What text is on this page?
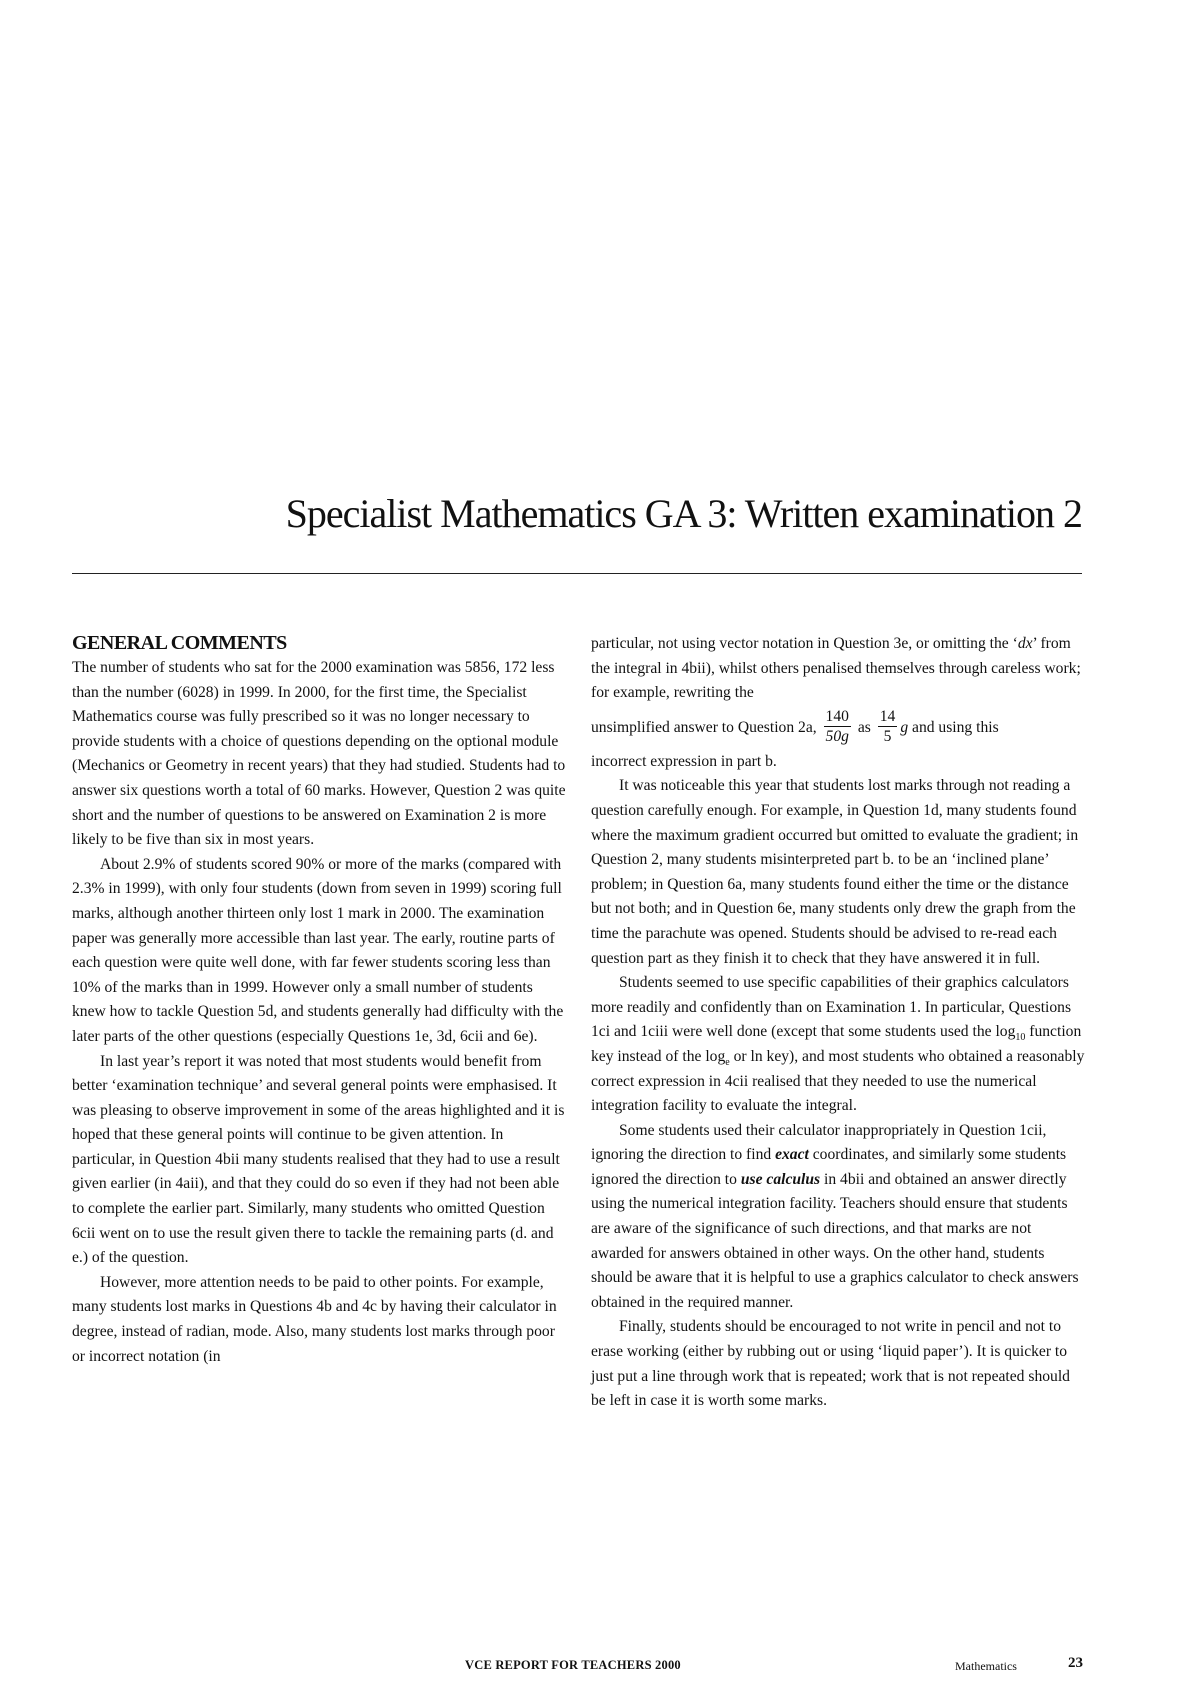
Specialist Mathematics GA 3: Written examination 2
GENERAL COMMENTS

The number of students who sat for the 2000 examination was 5856, 172 less than the number (6028) in 1999. In 2000, for the first time, the Specialist Mathematics course was fully prescribed so it was no longer necessary to provide students with a choice of questions depending on the optional module (Mechanics or Geometry in recent years) that they had studied. Students had to answer six questions worth a total of 60 marks. However, Question 2 was quite short and the number of questions to be answered on Examination 2 is more likely to be five than six in most years.

About 2.9% of students scored 90% or more of the marks (compared with 2.3% in 1999), with only four students (down from seven in 1999) scoring full marks, although another thirteen only lost 1 mark in 2000. The examination paper was generally more accessible than last year. The early, routine parts of each question were quite well done, with far fewer students scoring less than 10% of the marks than in 1999. However only a small number of students knew how to tackle Question 5d, and students generally had difficulty with the later parts of the other questions (especially Questions 1e, 3d, 6cii and 6e).

In last year’s report it was noted that most students would benefit from better ‘examination technique’ and several general points were emphasised. It was pleasing to observe improvement in some of the areas highlighted and it is hoped that these general points will continue to be given attention. In particular, in Question 4bii many students realised that they had to use a result given earlier (in 4aii), and that they could do so even if they had not been able to complete the earlier part. Similarly, many students who omitted Question 6cii went on to use the result given there to tackle the remaining parts (d. and e.) of the question.

However, more attention needs to be paid to other points. For example, many students lost marks in Questions 4b and 4c by having their calculator in degree, instead of radian, mode. Also, many students lost marks through poor or incorrect notation (in

particular, not using vector notation in Question 3e, or omitting the ‘dx’ from the integral in 4bii), whilst others penalised themselves through careless work; for example, rewriting the

unsimplified answer to Question 2a, $\frac{140}{50g}$ as $\frac{14}{5}$ g and using this

incorrect expression in part b.

It was noticeable this year that students lost marks through not reading a question carefully enough. For example, in Question 1d, many students found where the maximum gradient occurred but omitted to evaluate the gradient; in Question 2, many students misinterpreted part b. to be an ‘inclined plane’ problem; in Question 6a, many students found either the time or the distance but not both; and in Question 6e, many students only drew the graph from the time the parachute was opened. Students should be advised to re-read each question part as they finish it to check that they have answered it in full.

Students seemed to use specific capabilities of their graphics calculators more readily and confidently than on Examination 1. In particular, Questions 1ci and 1ciii were well done (except that some students used the $\log_{10}$ function key instead of the $\log_e$ or ln key), and most students who obtained a reasonably correct expression in 4cii realised that they needed to use the numerical integration facility to evaluate the integral.

Some students used their calculator inappropriately in Question 1cii, ignoring the direction to find exact coordinates, and similarly some students ignored the direction to use calculus in 4bii and obtained an answer directly using the numerical integration facility. Teachers should ensure that students are aware of the significance of such directions, and that marks are not awarded for answers obtained in other ways. On the other hand, students should be aware that it is helpful to use a graphics calculator to check answers obtained in the required manner.

Finally, students should be encouraged to not write in pencil and not to erase working (either by rubbing out or using ‘liquid paper’). It is quicker to just put a line through work that is repeated; work that is not repeated should be left in case it is worth some marks.

VCE REPORT FOR TEACHERS 2000	Mathematics	23
